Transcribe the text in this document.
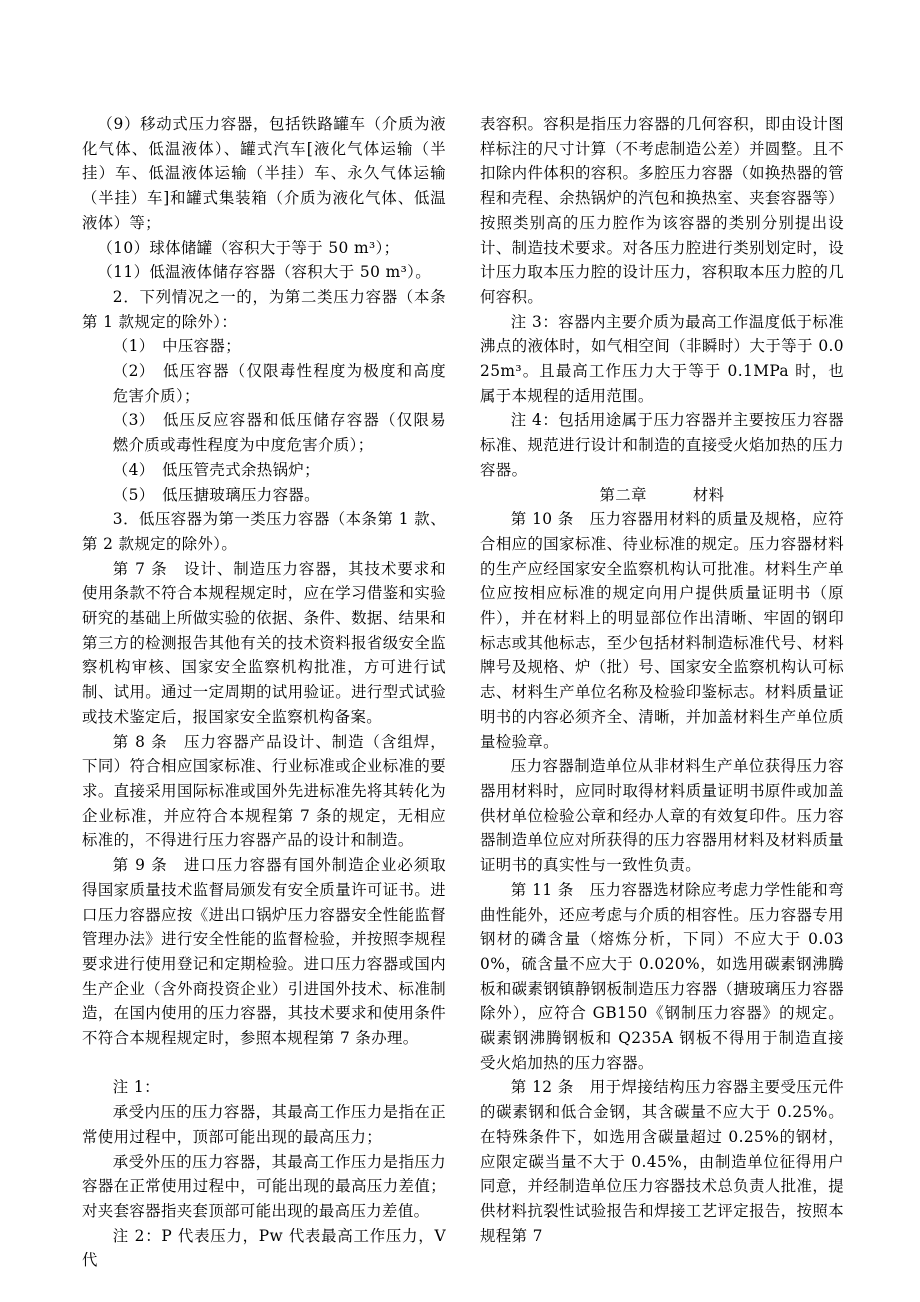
（9）移动式压力容器，包括铁路罐车（介质为液化气体、低温液体）、罐式汽车[液化气体运输（半挂）车、低温液体运输（半挂）车、永久气体运输（半挂）车]和罐式集装箱（介质为液化气体、低温液体）等；

（10）球体储罐（容积大于等于 50 m³）；

（11）低温液体储存容器（容积大于 50 m³）。

2．下列情况之一的，为第二类压力容器（本条第 1 款规定的除外）：

（1） 中压容器；

（2） 低压容器（仅限毒性程度为极度和高度危害介质）；

（3） 低压反应容器和低压储存容器（仅限易燃介质或毒性程度为中度危害介质）；

（4） 低压管壳式余热锅炉；

（5） 低压搪玻璃压力容器。

3．低压容器为第一类压力容器（本条第 1 款、第 2 款规定的除外）。

第 7 条　设计、制造压力容器，其技术要求和使用条款不符合本规程规定时，应在学习借鉴和实验研究的基础上所做实验的依据、条件、数据、结果和第三方的检测报告其他有关的技术资料报省级安全监察机构审核、国家安全监察机构批准，方可进行试制、试用。通过一定周期的试用验证。进行型式试验或技术鉴定后，报国家安全监察机构备案。

第 8 条　压力容器产品设计、制造（含组焊，下同）符合相应国家标准、行业标准或企业标准的要求。直接采用国际标准或国外先进标准先将其转化为企业标准，并应符合本规程第 7 条的规定，无相应标准的，不得进行压力容器产品的设计和制造。

第 9 条　进口压力容器有国外制造企业必须取得国家质量技术监督局颁发有安全质量许可证书。进口压力容器应按《进出口锅炉压力容器安全性能监督管理办法》进行安全性能的监督检验，并按照李规程要求进行使用登记和定期检验。进口压力容器或国内生产企业（含外商投资企业）引进国外技术、标准制造，在国内使用的压力容器，其技术要求和使用条件不符合本规程规定时，参照本规程第 7 条办理。

注 1：

承受内压的压力容器，其最高工作压力是指在正常使用过程中，顶部可能出现的最高压力；

承受外压的压力容器，其最高工作压力是指压力容器在正常使用过程中，可能出现的最高压力差值；对夹套容器指夹套顶部可能出现的最高压力差值。

注 2：P 代表压力，Pw 代表最高工作压力，V 代

表容积。容积是指压力容器的几何容积，即由设计图样标注的尺寸计算（不考虑制造公差）并圆整。且不扣除内件体积的容积。多腔压力容器（如换热器的管程和壳程、余热锅炉的汽包和换热室、夹套容器等）按照类别高的压力腔作为该容器的类别分别提出设计、制造技术要求。对各压力腔进行类别划定时，设计压力取本压力腔的设计压力，容积取本压力腔的几何容积。

注 3：容器内主要介质为最高工作温度低于标准沸点的液体时，如气相空间（非瞬时）大于等于 0.025m³。且最高工作压力大于等于 0.1MPa 时，也属于本规程的适用范围。

注 4：包括用途属于压力容器并主要按压力容器标准、规范进行设计和制造的直接受火焰加热的压力容器。

第二章	材料

第 10 条　压力容器用材料的质量及规格，应符合相应的国家标准、待业标准的规定。压力容器材料的生产应经国家安全监察机构认可批准。材料生产单位应按相应标准的规定向用户提供质量证明书（原件），并在材料上的明显部位作出清晰、牢固的钢印标志或其他标志，至少包括材料制造标准代号、材料牌号及规格、炉（批）号、国家安全监察机构认可标志、材料生产单位名称及检验印鉴标志。材料质量证明书的内容必须齐全、清晰，并加盖材料生产单位质量检验章。

压力容器制造单位从非材料生产单位获得压力容器用材料时，应同时取得材料质量证明书原件或加盖供材单位检验公章和经办人章的有效复印件。压力容器制造单位应对所获得的压力容器用材料及材料质量证明书的真实性与一致性负责。

第 11 条　压力容器选材除应考虑力学性能和弯曲性能外，还应考虑与介质的相容性。压力容器专用钢材的磷含量（熔炼分析，下同）不应大于 0.030%，硫含量不应大于 0.020%，如选用碳素钢沸腾板和碳素钢镇静钢板制造压力容器（搪玻璃压力容器除外），应符合 GB150《钢制压力容器》的规定。碳素钢沸腾钢板和 Q235A 钢板不得用于制造直接受火焰加热的压力容器。

第 12 条　用于焊接结构压力容器主要受压元件的碳素钢和低合金钢，其含碳量不应大于 0.25%。在特殊条件下，如选用含碳量超过 0.25%的钢材，应限定碳当量不大于 0.45%，由制造单位征得用户同意，并经制造单位压力容器技术总负责人批准，提供材料抗裂性试验报告和焊接工艺评定报告，按照本规程第 7
